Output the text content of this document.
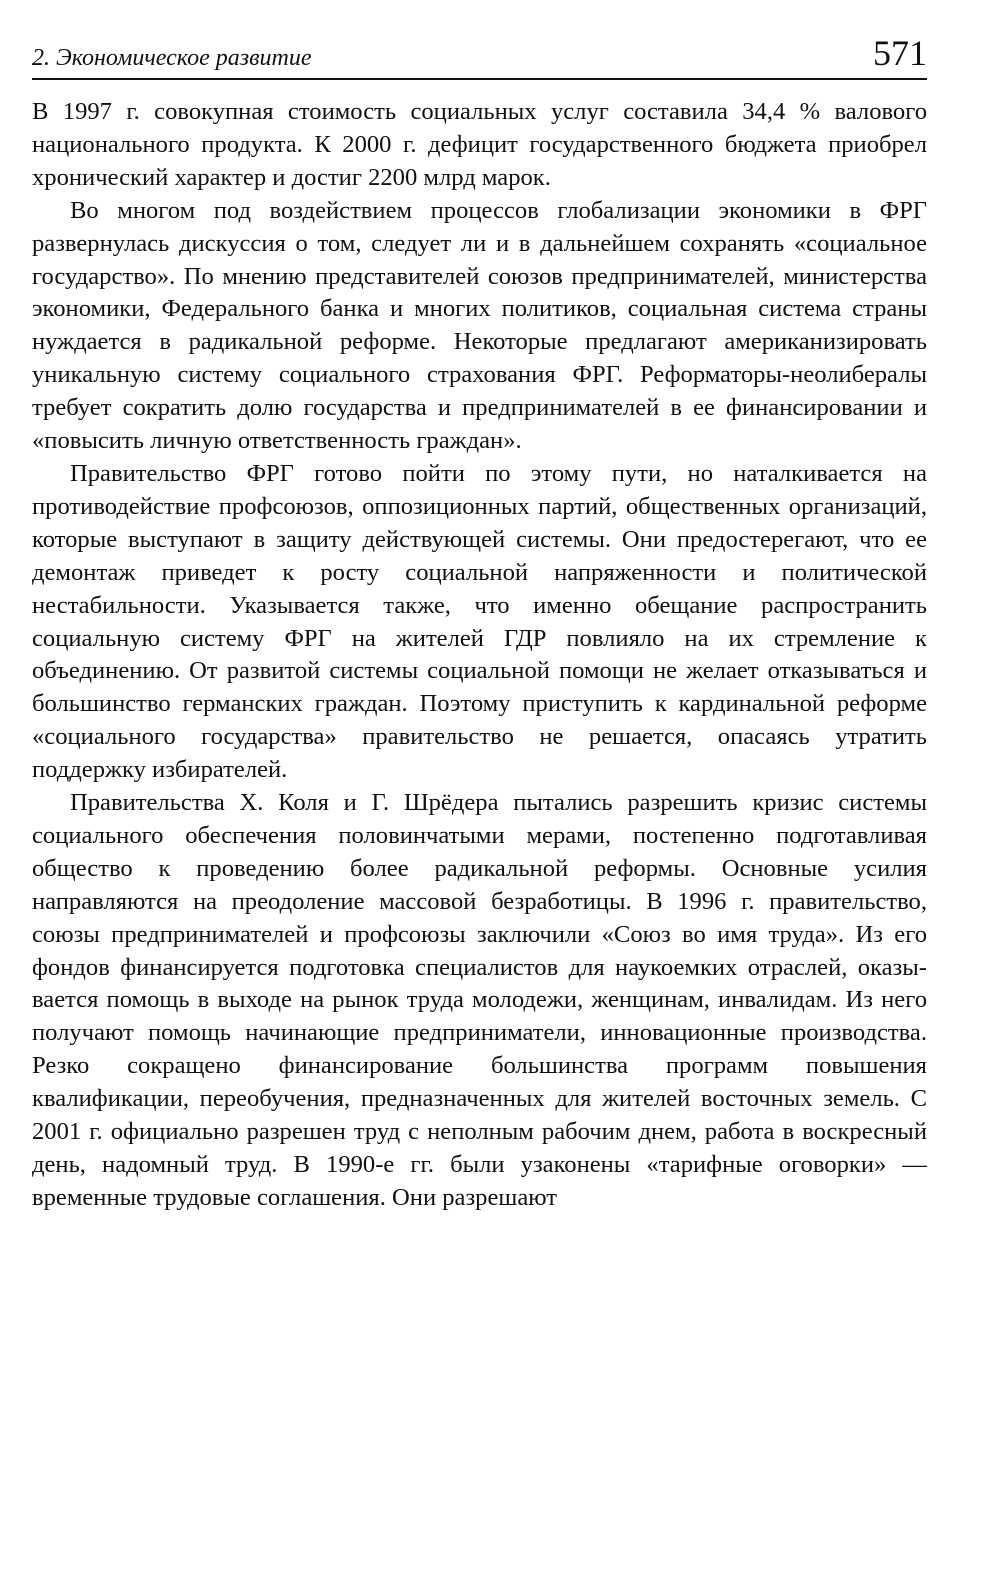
2. Экономическое развитие	571

В 1997 г. совокупная стоимость социальных услуг составила 34,4 % валового национального продукта. К 2000 г. дефицит государственного бюджета приобрел хронический характер и достиг 2200 млрд марок.

Во многом под воздействием процессов глобализации экономики в ФРГ развернулась дискуссия о том, следует ли и в дальнейшем сохранять «социальное государство». По мнению представителей союзов предпринимателей, министерства экономики, Федерального банка и многих политиков, социальная система страны нуждается в радикальной реформе. Некоторые предлагают американизировать уникальную систему социального страхования ФРГ. Реформаторы-неолибералы требует сократить долю государства и предпринимателей в ее финансировании и «повысить личную ответственность граждан».

Правительство ФРГ готово пойти по этому пути, но наталкивается на противодействие профсоюзов, оппозиционных партий, общественных организаций, которые выступают в защиту действующей системы. Они предостерегают, что ее демонтаж приведет к росту социальной напряженности и политической нестабильности. Указывается также, что именно обещание распространить социальную систему ФРГ на жителей ГДР повлияло на их стремление к объединению. От развитой системы социальной помощи не желает отказываться и большинство германских граждан. Поэтому приступить к кардинальной реформе «социального государства» правительство не решается, опасаясь утратить поддержку избирателей.

Правительства Х. Коля и Г. Шрёдера пытались разрешить кризис системы социального обеспечения половинчатыми мерами, постепенно подготавливая общество к проведению более радикальной реформы. Основные усилия направляются на преодоление массовой безработицы. В 1996 г. правительство, союзы предпринимателей и профсоюзы заключили «Союз во имя труда». Из его фондов финансируется подготовка специалистов для наукоемких отраслей, оказывается помощь в выходе на рынок труда молодежи, женщинам, инвалидам. Из него получают помощь начинающие предприниматели, инновационные производства. Резко сокращено финансирование большинства программ повышения квалификации, переобучения, предназначенных для жителей восточных земель. С 2001 г. официально разрешен труд с неполным рабочим днем, работа в воскресный день, надомный труд. В 1990-е гг. были узаконены «тарифные оговорки» — временные трудовые соглашения. Они разрешают
